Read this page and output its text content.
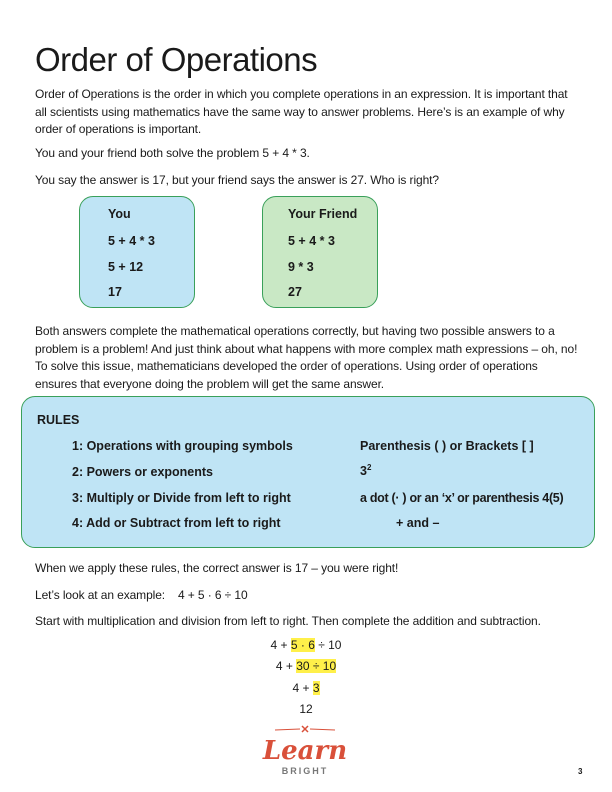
Order of Operations

Order of Operations is the order in which you complete operations in an expression. It is important that all scientists using mathematics have the same way to answer problems. Here’s is an example of why order of operations is important.

You and your friend both solve the problem 5 + 4 * 3.

You say the answer is 17, but your friend says the answer is 27. Who is right?

You
5 + 4 * 3
5 + 12
17
Your Friend
5 + 4 * 3
9 * 3
27

Both answers complete the mathematical operations correctly, but having two possible answers to a problem is a problem! And just think about what happens with more complex math expressions – oh, no! To solve this issue, mathematicians developed the order of operations. Using order of operations ensures that everyone doing the problem will get the same answer.

RULES
1: Operations with grouping symbols	Parenthesis ( ) or Brackets [ ]
2: Powers or exponents	$3^2$
3: Multiply or Divide from left to right	a dot (· ) or an ‘x’ or parenthesis 4(5)
4: Add or Subtract from left to right	+ and –

When we apply these rules, the correct answer is 17 – you were right!

Let’s look at an example:    4 + 5 · 6 ÷ 10

Start with multiplication and division from left to right. Then complete the addition and subtraction.

4 + 5 · 6 ÷ 10
4 + 30 ÷ 10
4 + 3
12
Learn
BRIGHT	3
